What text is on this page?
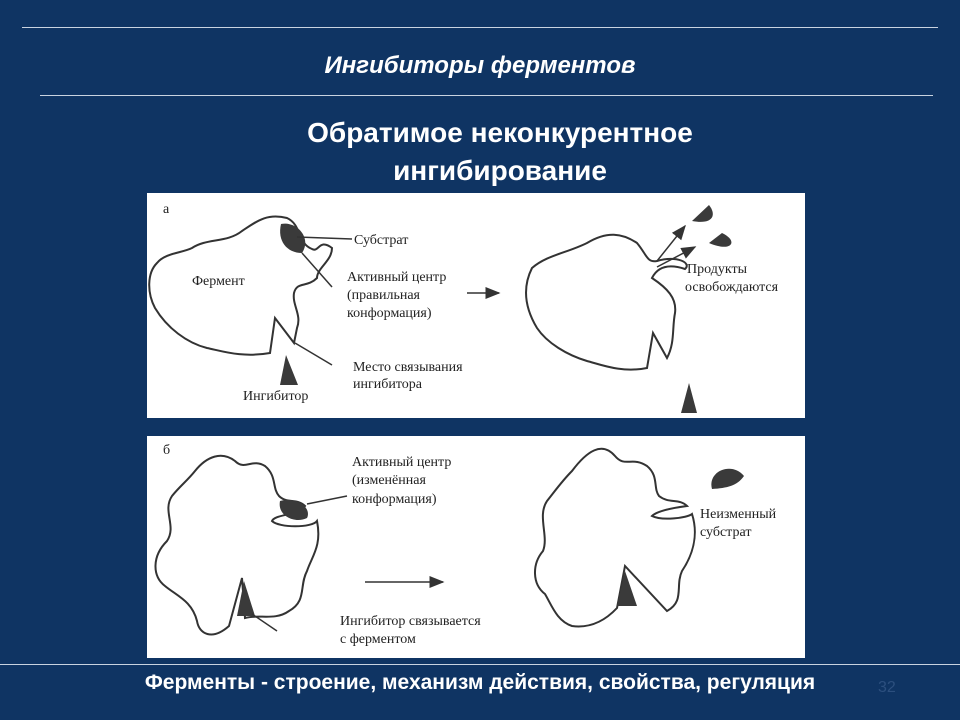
Ингибиторы ферментов
Обратимое неконкурентное
ингибирование
а
Фермент
Субстрат
Активный центр
(правильная
конформация)
Место связывания
ингибитора
Ингибитор
Продукты
освобождаются
б
Активный центр
(изменённая
конформация)
Ингибитор связывается
с ферментом
Неизменный
субстрат
32
Ферменты - строение, механизм действия, свойства, регуляция
